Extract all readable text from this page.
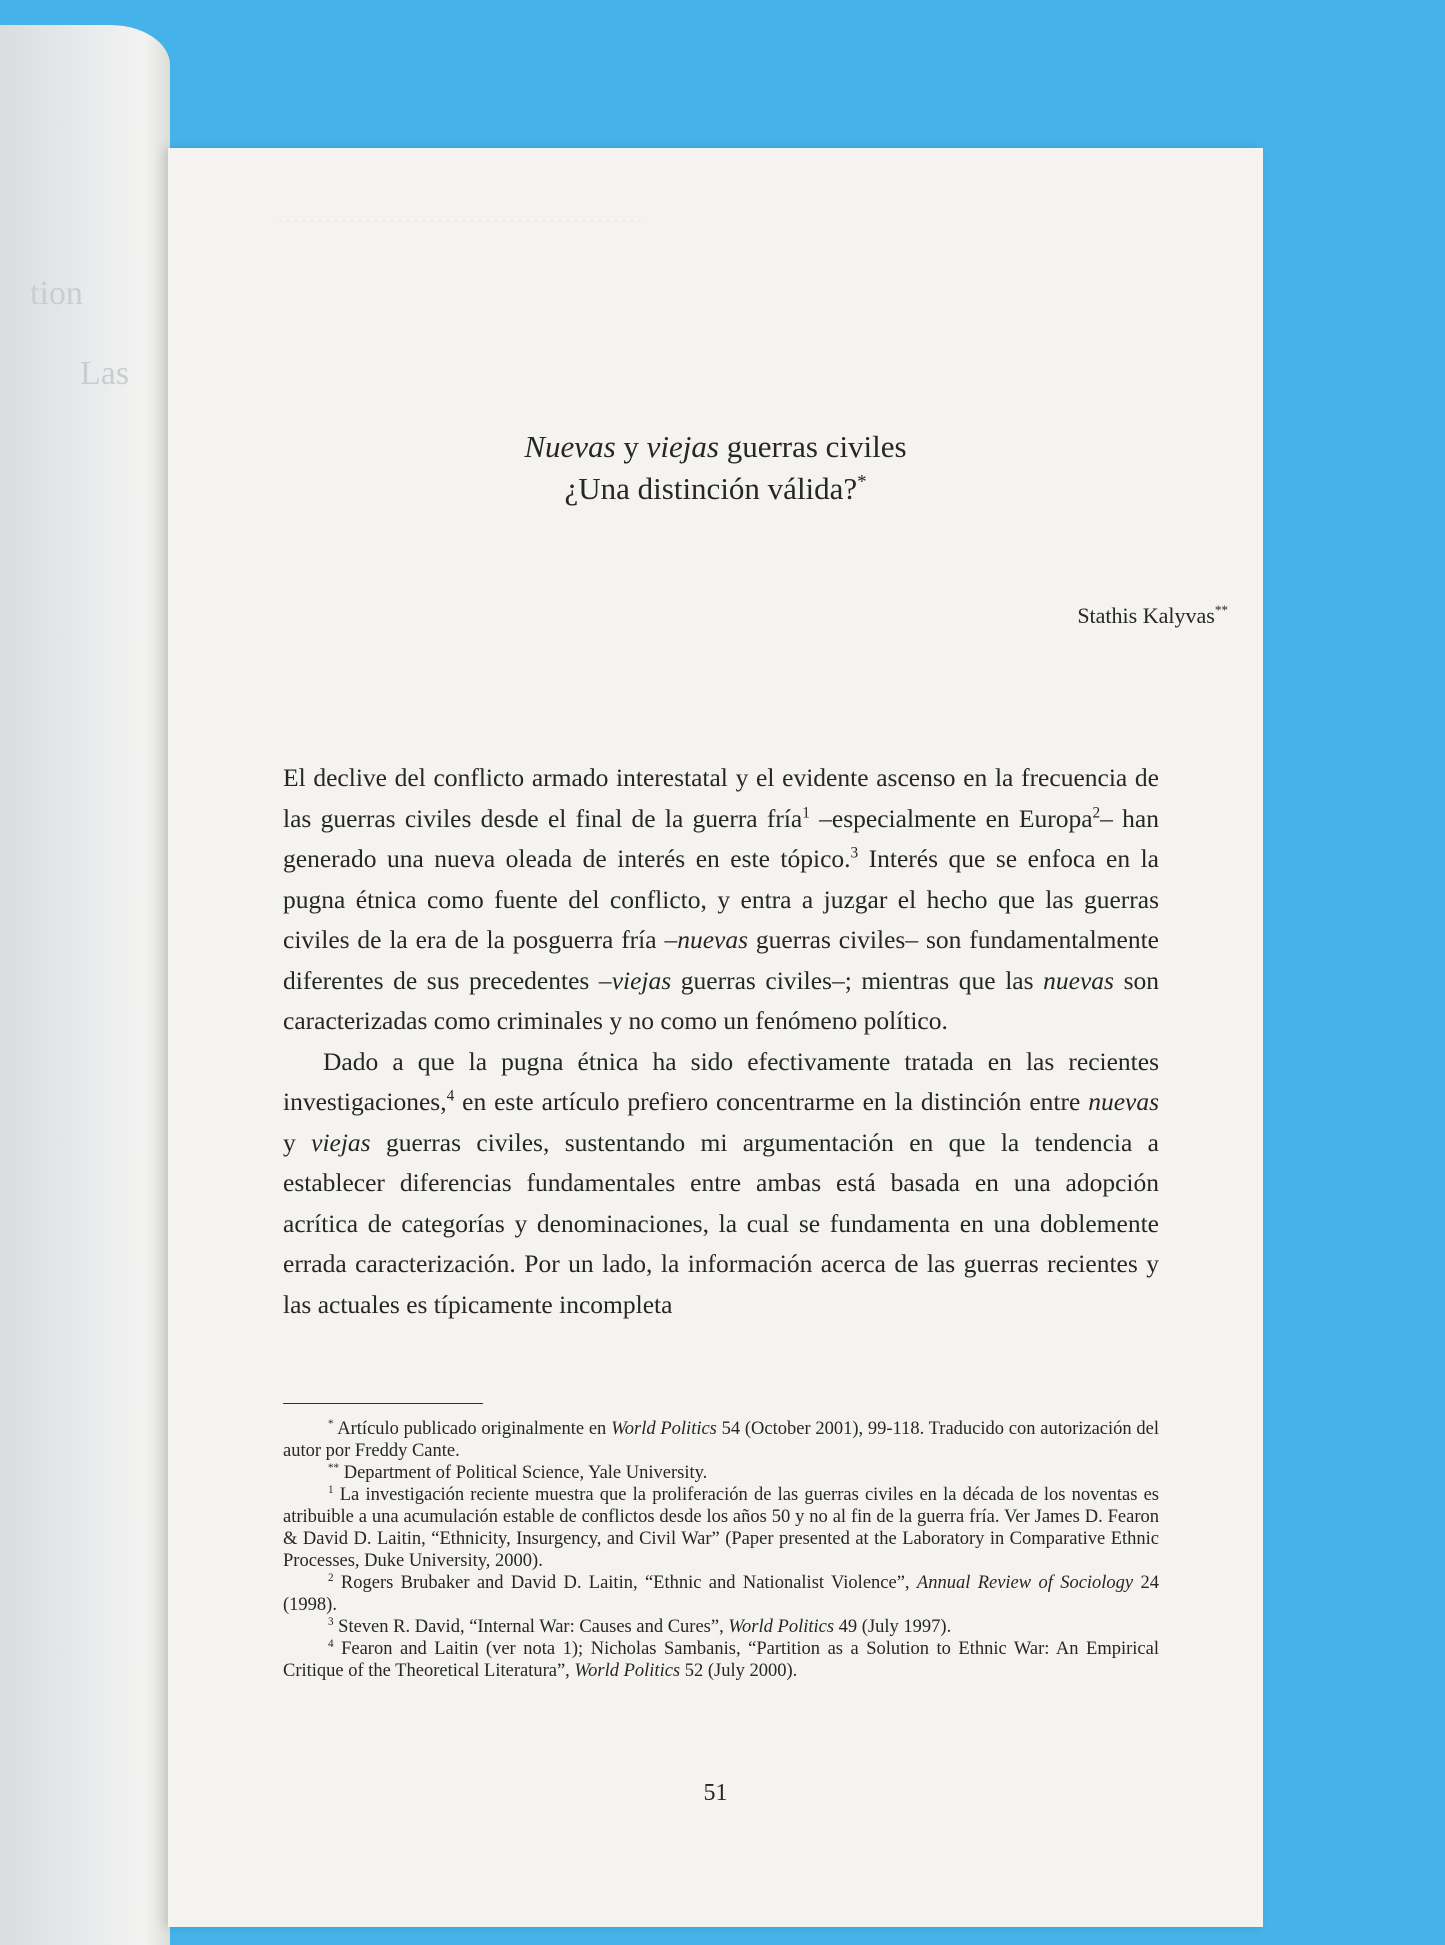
tion
Las
. . . . . . . . . . . . . . . . . . . . . . . . . . . . . . . . . . . . . . . . . . . . . .
Nuevas y viejas guerras civiles
¿Una distinción válida?*
Stathis Kalyvas**

El declive del conflicto armado interestatal y el evidente ascenso en la frecuencia de las guerras civiles desde el final de la guerra fría$^1$ –especialmente en Europa$^2$– han generado una nueva oleada de interés en este tópico.$^3$ Interés que se enfoca en la pugna étnica como fuente del conflicto, y entra a juzgar el hecho que las guerras civiles de la era de la posguerra fría –nuevas guerras civiles– son fundamentalmente diferentes de sus precedentes –viejas guerras civiles–; mientras que las nuevas son caracterizadas como criminales y no como un fenómeno político.

Dado a que la pugna étnica ha sido efectivamente tratada en las recientes investigaciones,$^4$ en este artículo prefiero concentrarme en la distinción entre nuevas y viejas guerras civiles, sustentando mi argumentación en que la tendencia a establecer diferencias fundamentales entre ambas está basada en una adopción acrítica de categorías y denominaciones, la cual se fundamenta en una doblemente errada caracterización. Por un lado, la información acerca de las guerras recientes y las actuales es típicamente incompleta

* Artículo publicado originalmente en World Politics 54 (October 2001), 99-118. Traducido con autorización del autor por Freddy Cante.

** Department of Political Science, Yale University.

$^1$ La investigación reciente muestra que la proliferación de las guerras civiles en la década de los noventas es atribuible a una acumulación estable de conflictos desde los años 50 y no al fin de la guerra fría. Ver James D. Fearon & David D. Laitin, “Ethnicity, Insurgency, and Civil War” (Paper presented at the Laboratory in Comparative Ethnic Processes, Duke University, 2000).

$^2$ Rogers Brubaker and David D. Laitin, “Ethnic and Nationalist Violence”, Annual Review of Sociology 24 (1998).

$^3$ Steven R. David, “Internal War: Causes and Cures”, World Politics 49 (July 1997).

$^4$ Fearon and Laitin (ver nota 1); Nicholas Sambanis, “Partition as a Solution to Ethnic War: An Empirical Critique of the Theoretical Literatura”, World Politics 52 (July 2000).

51
